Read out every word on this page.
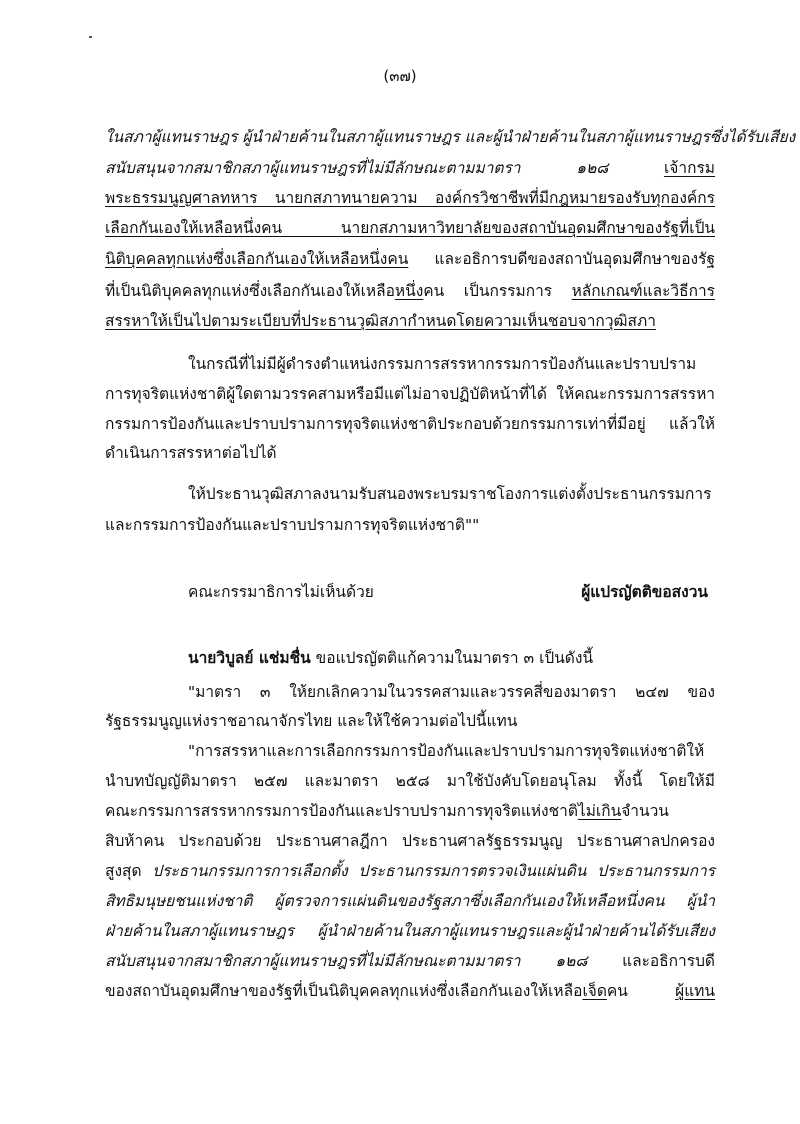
(๓๗)
ในสภาผู้แทนราษฎร ผู้นำฝ่ายค้านในสภาผู้แทนราษฎร และผู้นำฝ่ายค้านในสภาผู้แทนราษฎรซึ่งได้รับเสียง
สนับสนุนจากสมาชิกสภาผู้แทนราษฎรที่ไม่มีลักษณะตามมาตรา ๑๒๘ เจ้ากรม
พระธรรมนูญศาลทหาร นายกสภาทนายความ องค์กรวิชาชีพที่มีกฎหมายรองรับทุกองค์กร
เลือกกันเองให้เหลือหนึ่งคน นายกสภามหาวิทยาลัยของสถาบันอุดมศึกษาของรัฐที่เป็น
นิติบุคคลทุกแห่งซึ่งเลือกกันเองให้เหลือหนึ่งคน และอธิการบดีของสถาบันอุดมศึกษาของรัฐ
ที่เป็นนิติบุคคลทุกแห่งซึ่งเลือกกันเองให้เหลือหนึ่งคน เป็นกรรมการ หลักเกณฑ์และวิธีการ
สรรหาให้เป็นไปตามระเบียบที่ประธานวุฒิสภากำหนดโดยความเห็นชอบจากวุฒิสภา
ในกรณีที่ไม่มีผู้ดำรงตำแหน่งกรรมการสรรหากรรมการป้องกันและปราบปราม
การทุจริตแห่งชาติผู้ใดตามวรรคสามหรือมีแต่ไม่อาจปฏิบัติหน้าที่ได้ ให้คณะกรรมการสรรหา
กรรมการป้องกันและปราบปรามการทุจริตแห่งชาติประกอบด้วยกรรมการเท่าที่มีอยู่ แล้วให้
ดำเนินการสรรหาต่อไปได้
ให้ประธานวุฒิสภาลงนามรับสนองพระบรมราชโองการแต่งตั้งประธานกรรมการ
และกรรมการป้องกันและปราบปรามการทุจริตแห่งชาติ""
คณะกรรมาธิการไม่เห็นด้วย	ผู้แปรญัตติขอสงวน
นายวิบูลย์ แช่มชื่น ขอแปรญัตติแก้ความในมาตรา ๓ เป็นดังนี้
"มาตรา ๓ ให้ยกเลิกความในวรรคสามและวรรคสี่ของมาตรา ๒๔๗ ของ
รัฐธรรมนูญแห่งราชอาณาจักรไทย และให้ใช้ความต่อไปนี้แทน
"การสรรหาและการเลือกกรรมการป้องกันและปราบปรามการทุจริตแห่งชาติให้
นำบทบัญญัติมาตรา ๒๕๗ และมาตรา ๒๕๘ มาใช้บังคับโดยอนุโลม ทั้งนี้ โดยให้มี
คณะกรรมการสรรหากรรมการป้องกันและปราบปรามการทุจริตแห่งชาติไม่เกินจำนวน
สิบห้าคน ประกอบด้วย ประธานศาลฎีกา ประธานศาลรัฐธรรมนูญ ประธานศาลปกครอง
สูงสุด ประธานกรรมการการเลือกตั้ง ประธานกรรมการตรวจเงินแผ่นดิน ประธานกรรมการ
สิทธิมนุษยชนแห่งชาติ ผู้ตรวจการแผ่นดินของรัฐสภาซึ่งเลือกกันเองให้เหลือหนึ่งคน ผู้นำ
ฝ่ายค้านในสภาผู้แทนราษฎร ผู้นำฝ่ายค้านในสภาผู้แทนราษฎรและผู้นำฝ่ายค้านได้รับเสียง
สนับสนุนจากสมาชิกสภาผู้แทนราษฎรที่ไม่มีลักษณะตามมาตรา ๑๒๘ และอธิการบดี
ของสถาบันอุดมศึกษาของรัฐที่เป็นนิติบุคคลทุกแห่งซึ่งเลือกกันเองให้เหลือเจ็ดคน ผู้แทน
